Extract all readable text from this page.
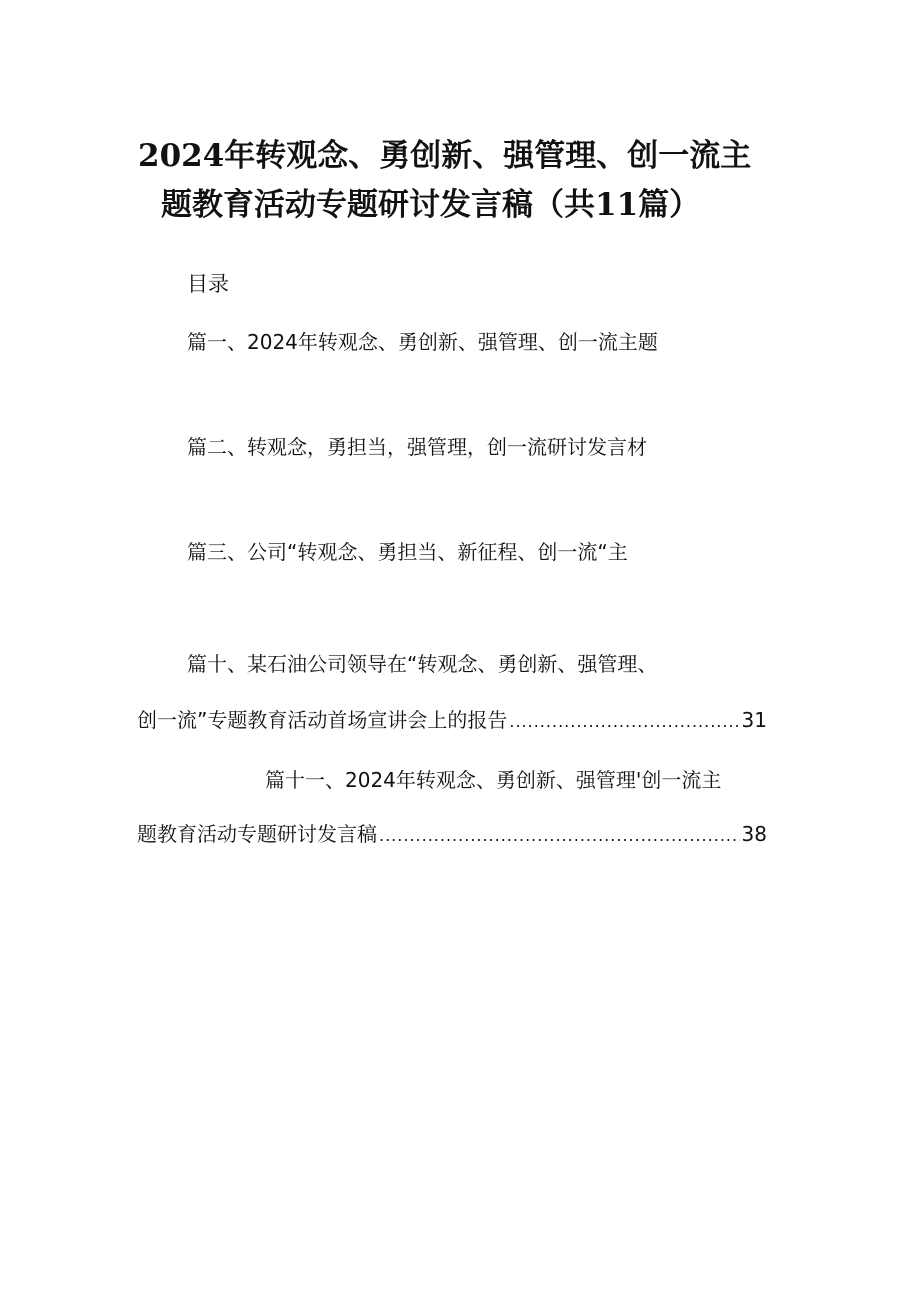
2024年转观念、勇创新、强管理、创一流主
题教育活动专题研讨发言稿（共11篇）
目录
篇一、2024年转观念、勇创新、强管理、创一流主题
篇二、转观念，勇担当，强管理，创一流研讨发言材
篇三、公司“转观念、勇担当、新征程、创一流“主
篇十、某石油公司领导在“转观念、勇创新、强管理、
创一流”专题教育活动首场宣讲会上的报告 .....	31
篇十一、2024年转观念、勇创新、强管理'创一流主
题教育活动专题研讨发言稿 .....	38
